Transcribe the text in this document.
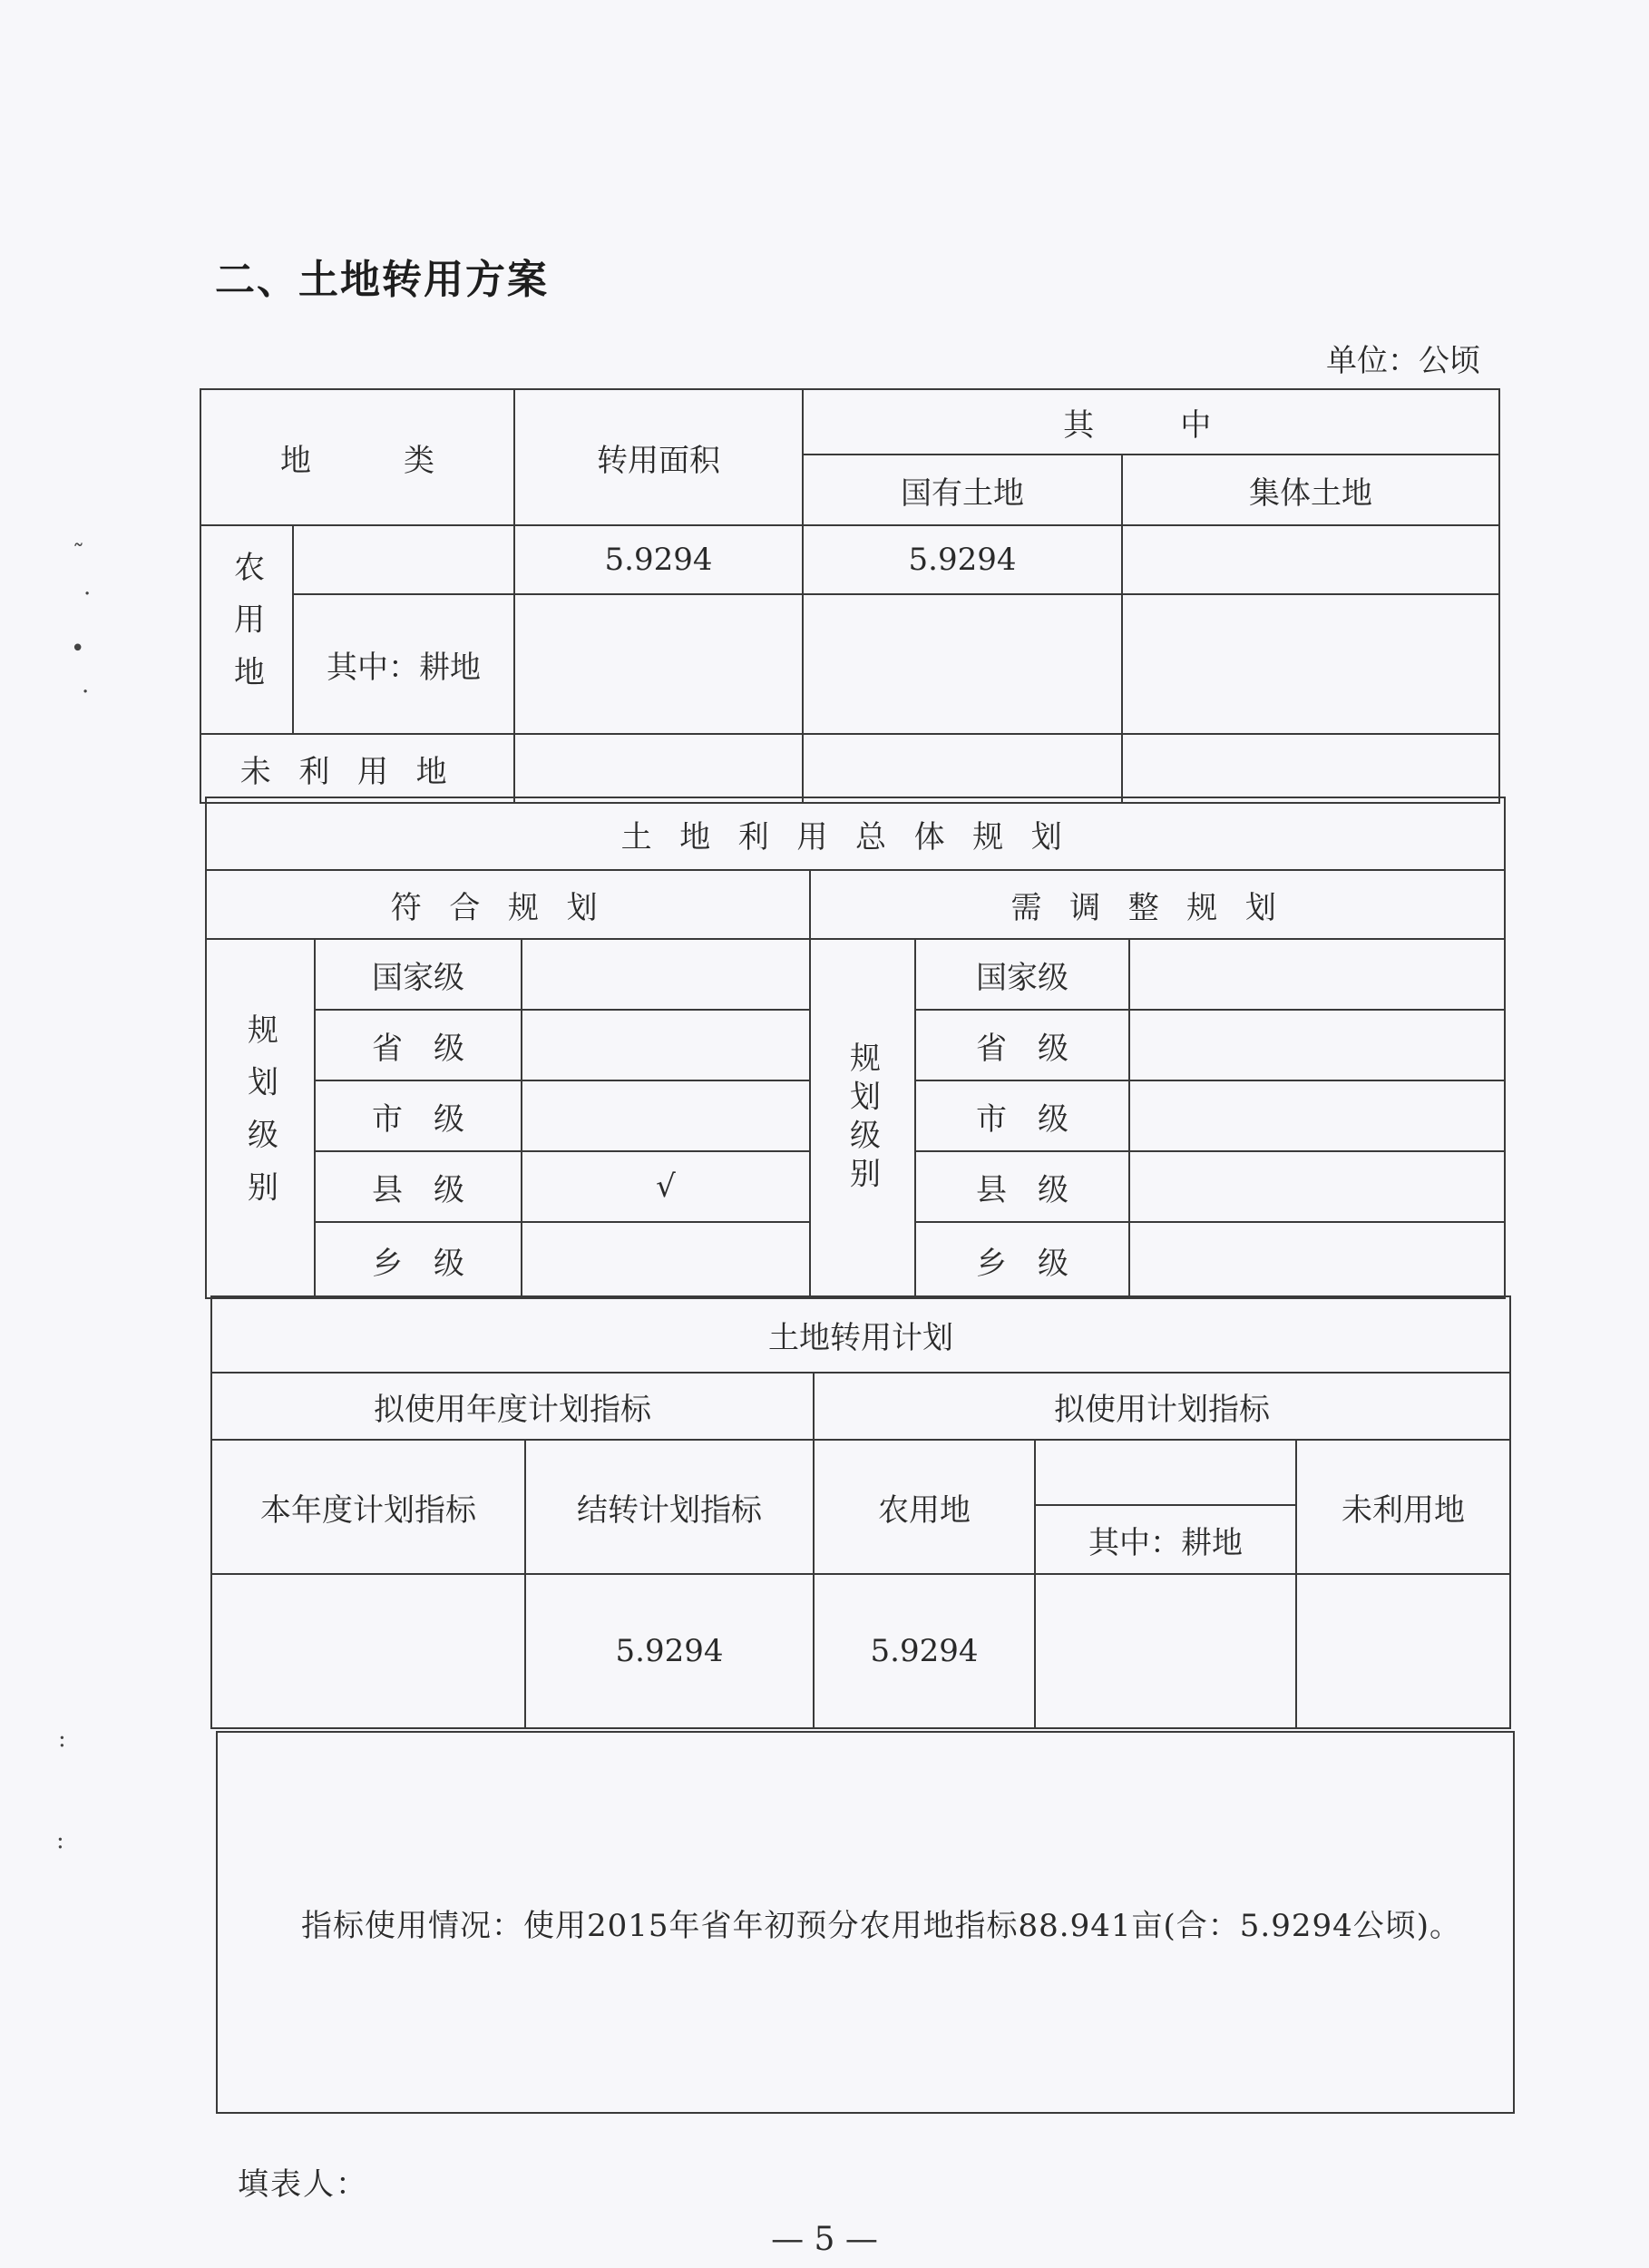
二、土地转用方案
单位：公顷
地　　　类		转用面积	其　中	
			国有土地	集体土地
农用地		5.9294	5.9294	
	其中：耕地			
未利用地				
土地利用总体规划					
符合规划			需调整规划		
规划级别	国家级		规划级别	国家级	
	省　级			省　级	
	市　级			市　级	
	县　级	√		县　级	
	乡　级			乡　级	
土地转用计划				
拟使用年度计划指标		拟使用计划指标		
本年度计划指标	结转计划指标	农用地		未利用地
			其中：耕地	
	5.9294	5.9294		
指标使用情况：使用2015年省年初预分农用地指标88.941亩(合：5.9294公顷)。
填表人：
— 5 —
˜
·
•
·
:
:
